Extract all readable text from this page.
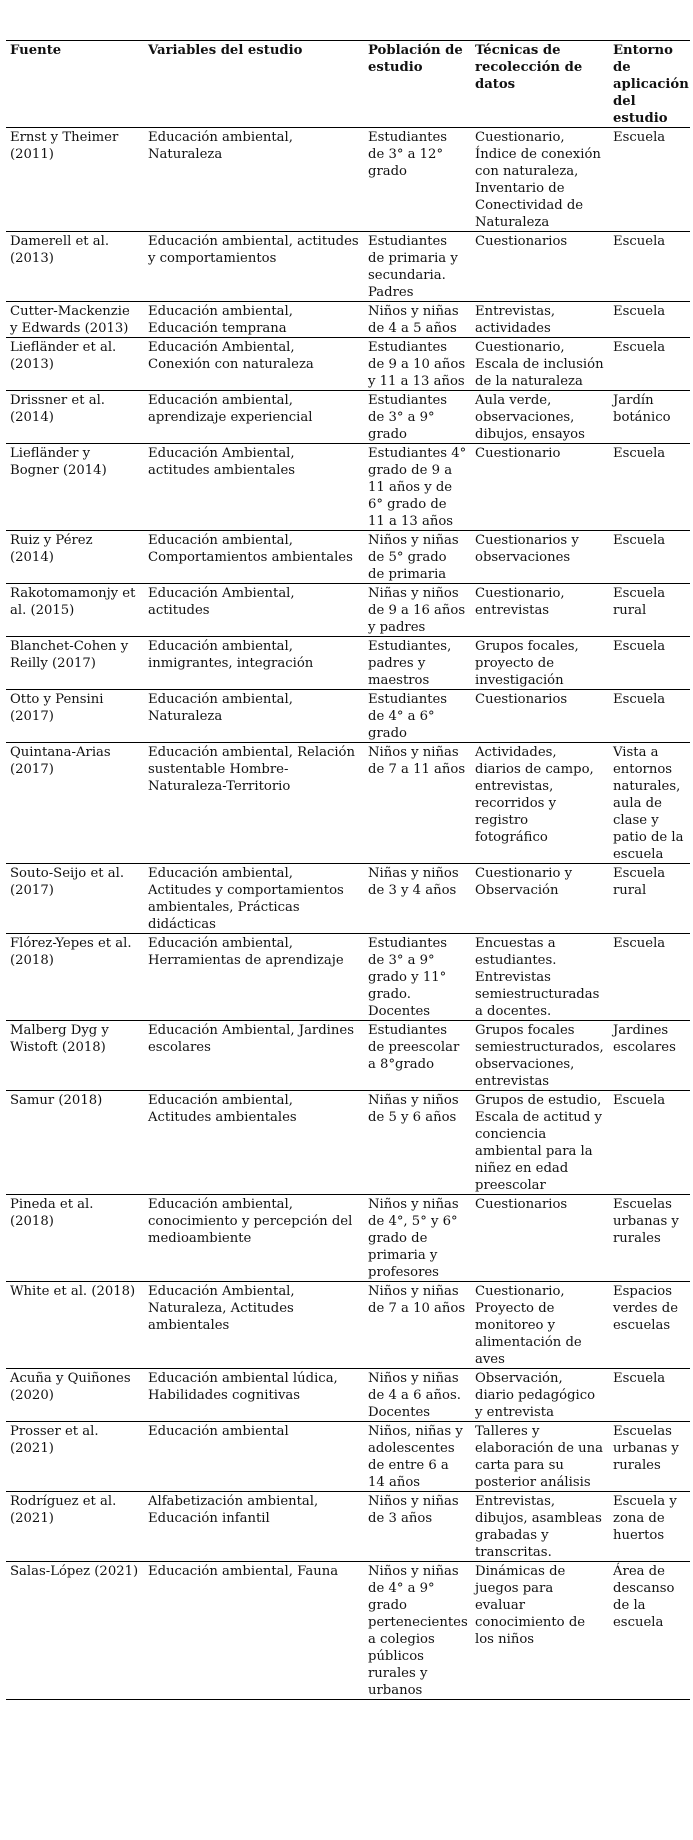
Fuente	Variables del estudio	Población de estudio	Técnicas de recolección de datos	Entorno de aplicación del estudio
Ernst y Theimer (2011)	Educación ambiental, Naturaleza	Estudiantes de 3° a 12° grado	Cuestionario, Índice de conexión con naturaleza, Inventario de Conectividad de Naturaleza	Escuela
Damerell et al. (2013)	Educación ambiental, actitudes y comportamientos	Estudiantes de primaria y secundaria. Padres	Cuestionarios	Escuela
Cutter-Mackenzie y Edwards (2013)	Educación ambiental, Educación temprana	Niños y niñas de 4 a 5 años	Entrevistas, actividades	Escuela
Liefländer et al. (2013)	Educación Ambiental, Conexión con naturaleza	Estudiantes de 9 a 10 años y 11 a 13 años	Cuestionario, Escala de inclusión de la naturaleza	Escuela
Drissner et al. (2014)	Educación ambiental, aprendizaje experiencial	Estudiantes de 3° a 9° grado	Aula verde, observaciones, dibujos, ensayos	Jardín botánico
Liefländer y Bogner (2014)	Educación Ambiental, actitudes ambientales	Estudiantes 4° grado de 9 a 11 años y de 6° grado de 11 a 13 años	Cuestionario	Escuela
Ruiz y Pérez (2014)	Educación ambiental, Comportamientos ambientales	Niños y niñas de 5° grado de primaria	Cuestionarios y observaciones	Escuela
Rakotomamonjy et al. (2015)	Educación Ambiental, actitudes	Niñas y niños de 9 a 16 años y padres	Cuestionario, entrevistas	Escuela rural
Blanchet-Cohen y Reilly (2017)	Educación ambiental, inmigrantes, integración	Estudiantes, padres y maestros	Grupos focales, proyecto de investigación	Escuela
Otto y Pensini (2017)	Educación ambiental, Naturaleza	Estudiantes de 4° a 6° grado	Cuestionarios	Escuela
Quintana-Arias (2017)	Educación ambiental, Relación sustentable Hombre-Naturaleza-Territorio	Niños y niñas de 7 a 11 años	Actividades, diarios de campo, entrevistas, recorridos y registro fotográfico	Vista a entornos naturales, aula de clase y patio de la escuela
Souto-Seijo et al. (2017)	Educación ambiental, Actitudes y comportamientos ambientales, Prácticas didácticas	Niñas y niños de 3 y 4 años	Cuestionario y Observación	Escuela rural
Flórez-Yepes et al. (2018)	Educación ambiental, Herramientas de aprendizaje	Estudiantes de 3° a 9° grado y 11° grado. Docentes	Encuestas a estudiantes. Entrevistas semiestructuradas a docentes.	Escuela
Malberg Dyg y Wistoft (2018)	Educación Ambiental, Jardines escolares	Estudiantes de preescolar a 8°grado	Grupos focales semiestructurados, observaciones, entrevistas	Jardines escolares
Samur (2018)	Educación ambiental, Actitudes ambientales	Niñas y niños de 5 y 6 años	Grupos de estudio, Escala de actitud y conciencia ambiental para la niñez en edad preescolar	Escuela
Pineda et al. (2018)	Educación ambiental, conocimiento y percepción del medioambiente	Niños y niñas de 4°, 5° y 6° grado de primaria y profesores	Cuestionarios	Escuelas urbanas y rurales
White et al. (2018)	Educación Ambiental, Naturaleza, Actitudes ambientales	Niños y niñas de 7 a 10 años	Cuestionario, Proyecto de monitoreo y alimentación de aves	Espacios verdes de escuelas
Acuña y Quiñones (2020)	Educación ambiental lúdica, Habilidades cognitivas	Niños y niñas de 4 a 6 años. Docentes	Observación, diario pedagógico y entrevista	Escuela
Prosser et al. (2021)	Educación ambiental	Niños, niñas y adolescentes de entre 6 a 14 años	Talleres y elaboración de una carta para su posterior análisis	Escuelas urbanas y rurales
Rodríguez et al. (2021)	Alfabetización ambiental, Educación infantil	Niños y niñas de 3 años	Entrevistas, dibujos, asambleas grabadas y transcritas.	Escuela y zona de huertos
Salas-López (2021)	Educación ambiental, Fauna	Niños y niñas de 4° a 9° grado pertenecientes a colegios públicos rurales y urbanos	Dinámicas de juegos para evaluar conocimiento de los niños	Área de descanso de la escuela
